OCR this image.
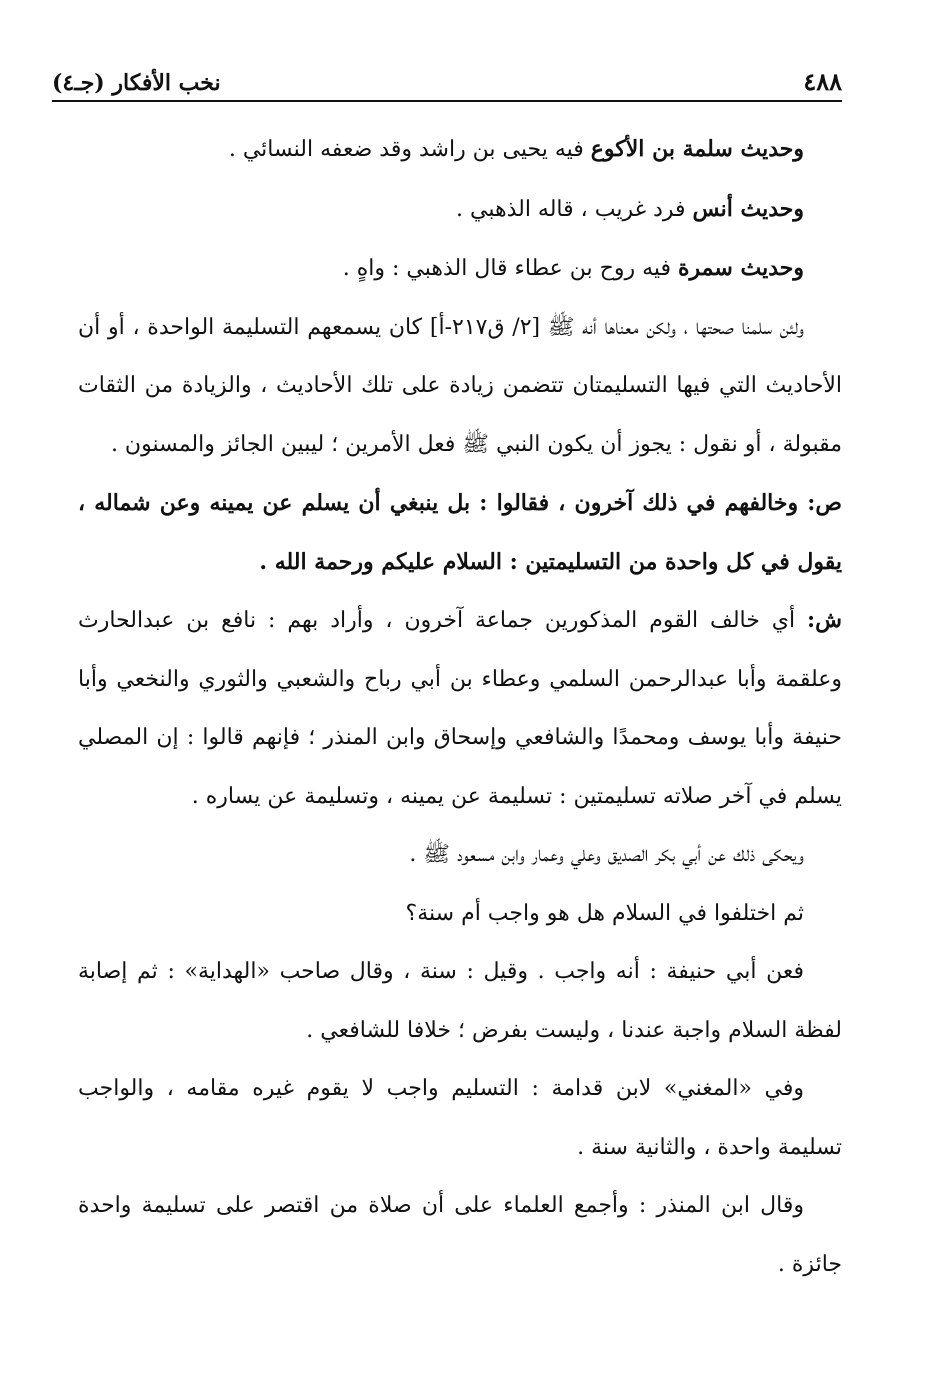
٤٨٨
نخب الأفكار (جـ٤)

وحديث سلمة بن الأكوع فيه يحيى بن راشد وقد ضعفه النسائي .

وحديث أنس فرد غريب ، قاله الذهبي .

وحديث سمرة فيه روح بن عطاء قال الذهبي : واهٍ .

ولئن سلمنا صحتها ، ولكن معناها أنه ﷺ [٢/ ق٢١٧-أ] كان يسمعهم التسليمة الواحدة ، أو أن الأحاديث التي فيها التسليمتان تتضمن زيادة على تلك الأحاديث ، والزيادة من الثقات مقبولة ، أو نقول : يجوز أن يكون النبي ﷺ فعل الأمرين ؛ ليبين الجائز والمسنون .

ص: وخالفهم في ذلك آخرون ، فقالوا : بل ينبغي أن يسلم عن يمينه وعن شماله ، يقول في كل واحدة من التسليمتين : السلام عليكم ورحمة الله .

ش: أي خالف القوم المذكورين جماعة آخرون ، وأراد بهم : نافع بن عبدالحارث وعلقمة وأبا عبدالرحمن السلمي وعطاء بن أبي رباح والشعبي والثوري والنخعي وأبا حنيفة وأبا يوسف ومحمدًا والشافعي وإسحاق وابن المنذر ؛ فإنهم قالوا : إن المصلي يسلم في آخر صلاته تسليمتين : تسليمة عن يمينه ، وتسليمة عن يساره .

ويحكى ذلك عن أبي بكر الصديق وعلي وعمار وابن مسعود ﷺ .

ثم اختلفوا في السلام هل هو واجب أم سنة؟

فعن أبي حنيفة : أنه واجب . وقيل : سنة ، وقال صاحب «الهداية» : ثم إصابة لفظة السلام واجبة عندنا ، وليست بفرض ؛ خلافا للشافعي .

وفي «المغني» لابن قدامة : التسليم واجب لا يقوم غيره مقامه ، والواجب تسليمة واحدة ، والثانية سنة .

وقال ابن المنذر : وأجمع العلماء على أن صلاة من اقتصر على تسليمة واحدة جائزة .
